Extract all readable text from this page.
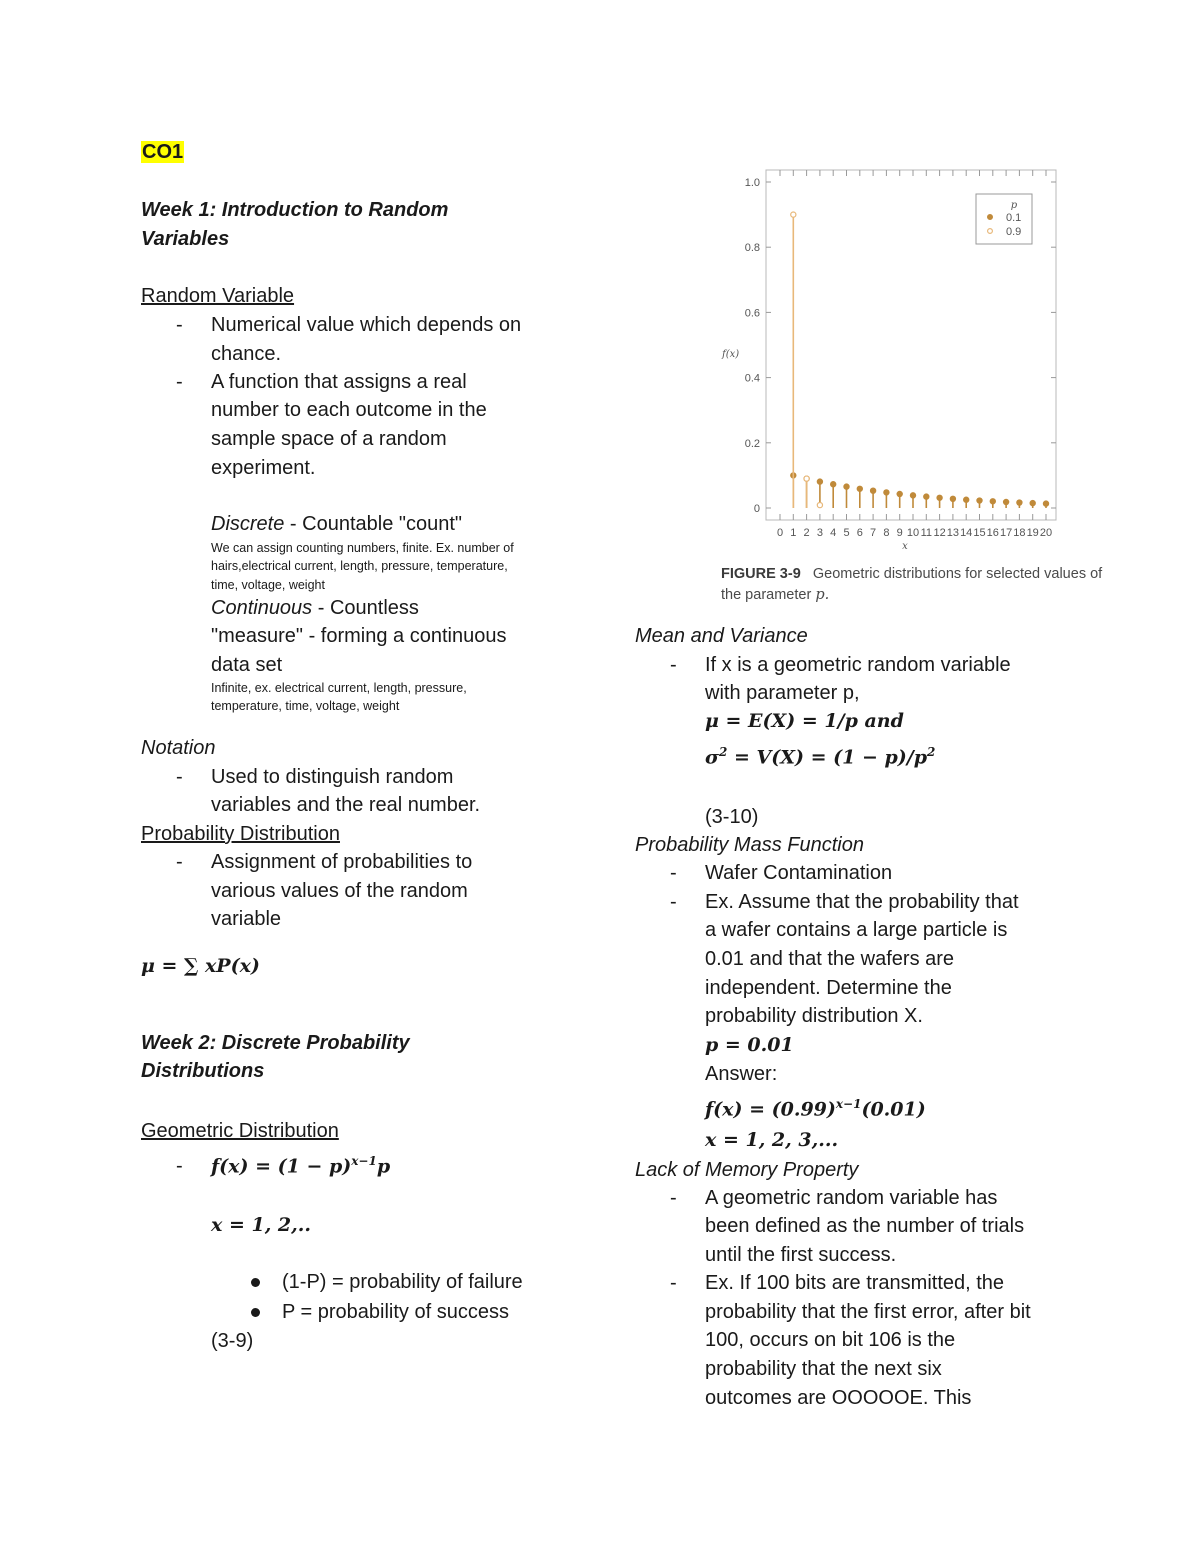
CO1
Week 1: Introduction to Random
Variables
Random Variable
- Numerical value which depends on
chance.
- A function that assigns a real
number to each outcome in the
sample space of a random
experiment.
Discrete - Countable "count"
We can assign counting numbers, finite. Ex. number of
hairs,electrical current, length, pressure, temperature,
time, voltage, weight
Continuous - Countless
"measure" - forming a continuous
data set
Infinite, ex. electrical current, length, pressure,
temperature, time, voltage, weight
Notation
- Used to distinguish random
variables and the real number.
Probability Distribution
- Assignment of probabilities to
various values of the random
variable
μ = ∑ xP(x)
Week 2: Discrete Probability
Distributions
Geometric Distribution
- $f(x) = (1 - p)^{x-1}p$
x = 1, 2,..
(1-P) = probability of failure
P = probability of success
(3-9)
0
0.2
0.4
0.6
0.8
1.0
0 1 2 3 4 5 6 7 8 9 10 11 12 13 14 15 16 17 18 19 20
p
0.1
0.9
f(x)
x
FIGURE 3-9 Geometric distributions for selected values of
the parameter p.
Mean and Variance
- If x is a geometric random variable
with parameter p,
μ = E(X) = 1/p and
$\sigma^2 = V(X) = (1 - p)/p^2$
(3-10)
Probability Mass Function
- Wafer Contamination
- Ex. Assume that the probability that
a wafer contains a large particle is
0.01 and that the wafers are
independent. Determine the
probability distribution X.
p = 0.01
Answer:
$f(x) = (0.99)^{x-1}(0.01)$
x = 1, 2, 3,...
Lack of Memory Property
- A geometric random variable has
been defined as the number of trials
until the first success.
- Ex. If 100 bits are transmitted, the
probability that the first error, after bit
100, occurs on bit 106 is the
probability that the next six
outcomes are OOOOOE. This
